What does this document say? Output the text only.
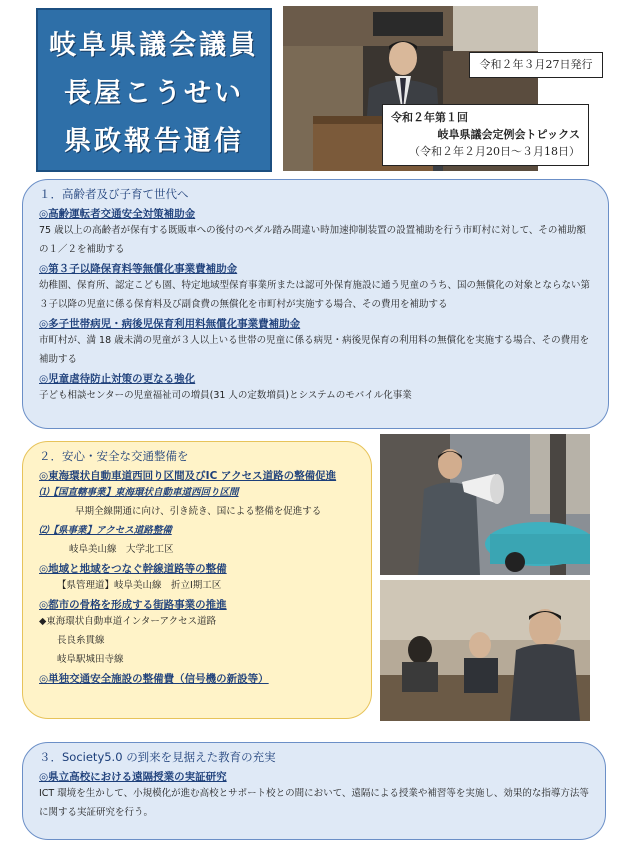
岐阜県議会議員
長屋こうせい
県政報告通信
令和２年３月27日発行
令和２年第１回
岐阜県議会定例会トピックス
（令和２年２月20日～３月18日）
１．高齢者及び子育て世代へ
◎高齢運転者交通安全対策補助金
75 歳以上の高齢者が保有する既販車への後付のペダル踏み間違い時加速抑制装置の設置補助を行う市町村に対して、その補助額の１／２を補助する
◎第３子以降保育料等無償化事業費補助金
幼稚園、保育所、認定こども園、特定地域型保育事業所または認可外保育施設に通う児童のうち、国の無償化の対象とならない第３子以降の児童に係る保育料及び副食費の無償化を市町村が実施する場合、その費用を補助する
◎多子世帯病児・病後児保育利用料無償化事業費補助金
市町村が、満 18 歳未満の児童が３人以上いる世帯の児童に係る病児・病後児保育の利用料の無償化を実施する場合、その費用を補助する
◎児童虐待防止対策の更なる強化
子ども相談センターの児童福祉司の増員(31 人の定数増員)とシステムのモバイル化事業
２．安心・安全な交通整備を
◎東海環状自動車道西回り区間及びIC アクセス道路の整備促進
⑴【国直轄事業】東海環状自動車道西回り区間
早期全線開通に向け、引き続き、国による整備を促進する
⑵【県事業】アクセス道路整備
岐阜美山線　大学北工区
◎地域と地域をつなぐ幹線道路等の整備
【県管理道】岐阜美山線　折立Ⅰ期工区
◎都市の骨格を形成する街路事業の推進
◆東海環状自動車道インターアクセス道路
長良糸貫線
岐阜駅城田寺線
◎単独交通安全施設の整備費（信号機の新設等）
３．Society5.0 の到来を見据えた教育の充実
◎県立高校における遠隔授業の実証研究
ICT 環境を生かして、小規模化が進む高校とサポート校との間において、遠隔による授業や補習等を実施し、効果的な指導方法等に関する実証研究を行う。
